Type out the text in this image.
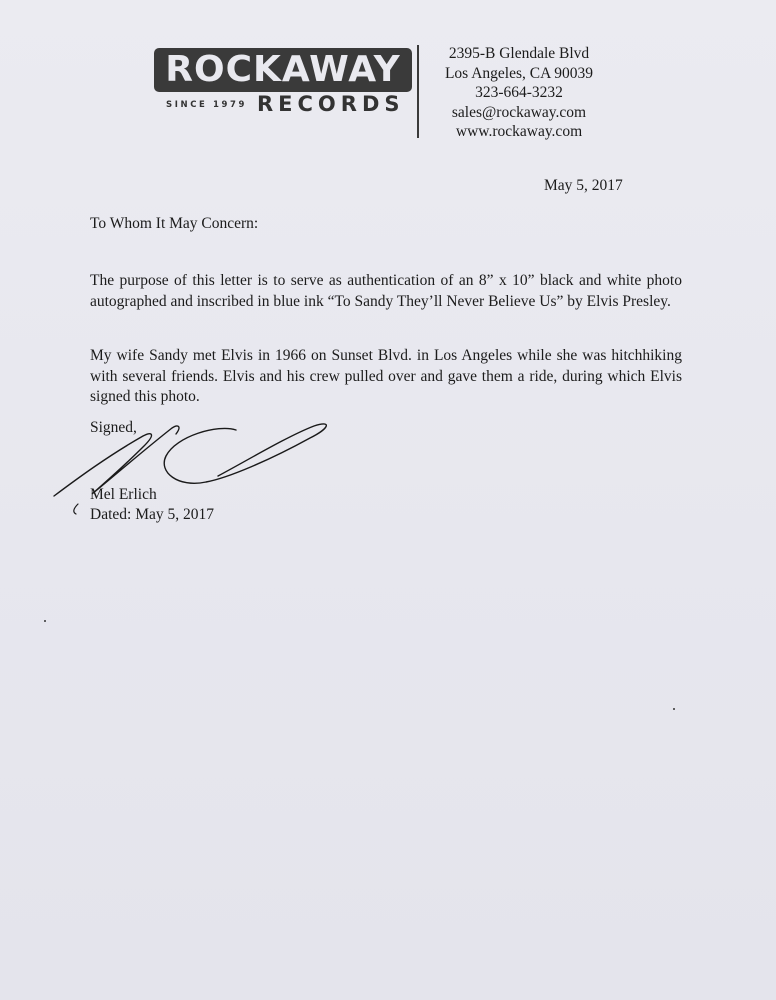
ROCKAWAY
SINCE 1979 RECORDS
2395-B Glendale Blvd
Los Angeles, CA 90039
323-664-3232
sales@rockaway.com
www.rockaway.com
May 5, 2017
To Whom It May Concern:

The purpose of this letter is to serve as authentication of an 8” x 10” black and white photo autographed and inscribed in blue ink “To Sandy They’ll Never Believe Us” by Elvis Presley.

My wife Sandy met Elvis in 1966 on Sunset Blvd. in Los Angeles while she was hitchhiking with several friends. Elvis and his crew pulled over and gave them a ride, during which Elvis signed this photo.

Signed,
Mel Erlich
Dated: May 5, 2017
